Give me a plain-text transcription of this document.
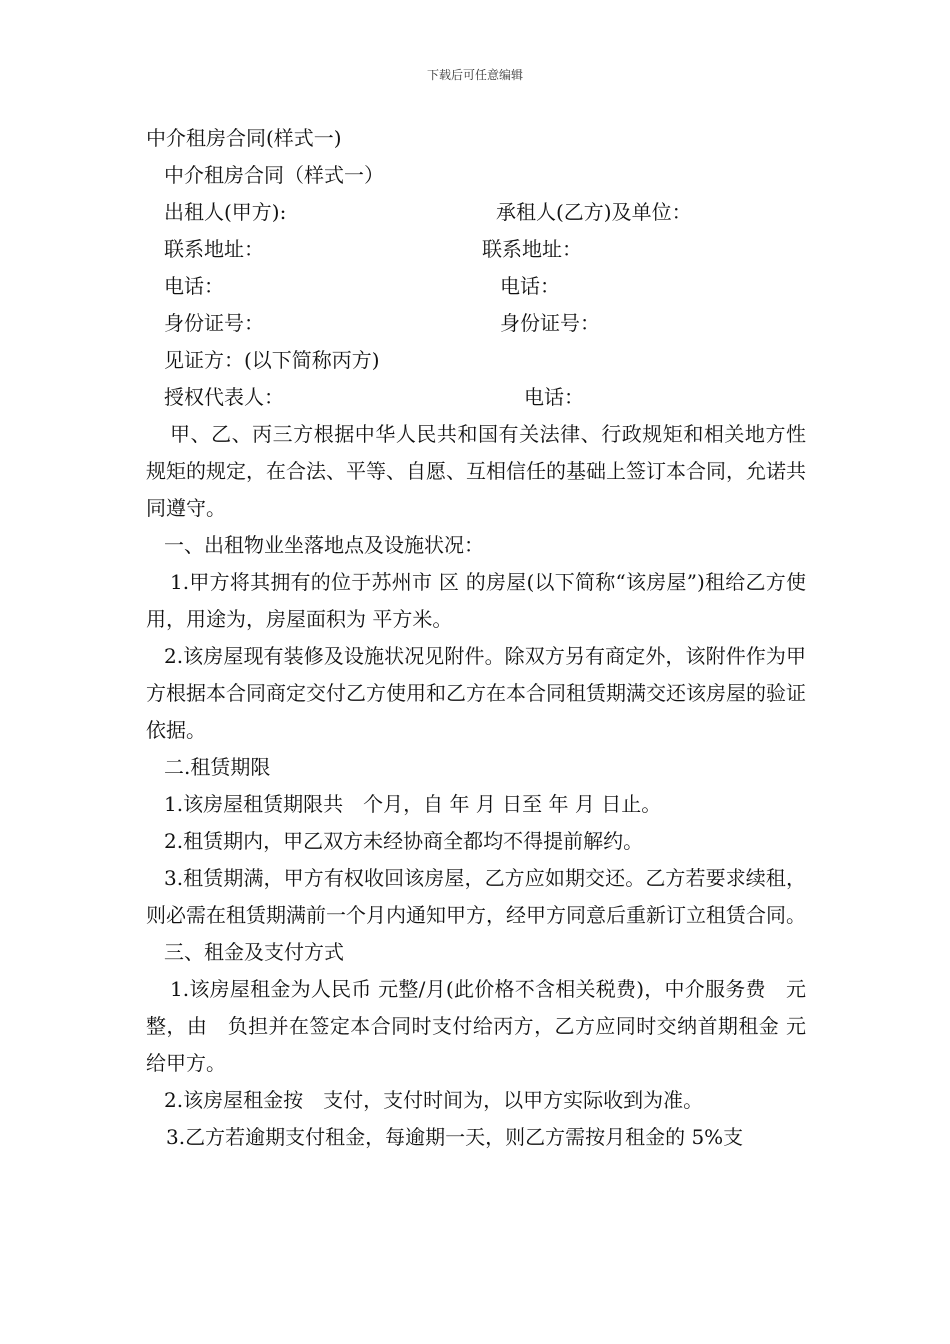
下载后可任意编辑
中介租房合同(样式一)
中介租房合同（样式一）
出租人(甲方):	承租人(乙方)及单位：
联系地址：	联系地址：
电话：	电话：
身份证号：	身份证号：
见证方：(以下简称丙方)
授权代表人：	电话：
甲、乙、丙三方根据中华人民共和国有关法律、行政规矩和相关地方性规矩的规定，在合法、平等、自愿、互相信任的基础上签订本合同，允诺共同遵守。
一、出租物业坐落地点及设施状况：
1.甲方将其拥有的位于苏州市 区 的房屋(以下简称“该房屋”)租给乙方使用，用途为，房屋面积为 平方米。
2.该房屋现有装修及设施状况见附件。除双方另有商定外，该附件作为甲方根据本合同商定交付乙方使用和乙方在本合同租赁期满交还该房屋的验证依据。
二.租赁期限
1.该房屋租赁期限共　个月，自 年 月 日至 年 月 日止。
2.租赁期内，甲乙双方未经协商全都均不得提前解约。
3.租赁期满，甲方有权收回该房屋，乙方应如期交还。乙方若要求续租，则必需在租赁期满前一个月内通知甲方，经甲方同意后重新订立租赁合同。
三、租金及支付方式
1.该房屋租金为人民币 元整/月(此价格不含相关税费)，中介服务费　元整，由　负担并在签定本合同时支付给丙方，乙方应同时交纳首期租金 元给甲方。
2.该房屋租金按　支付，支付时间为，以甲方实际收到为准。
3.乙方若逾期支付租金，每逾期一天，则乙方需按月租金的 5%支
